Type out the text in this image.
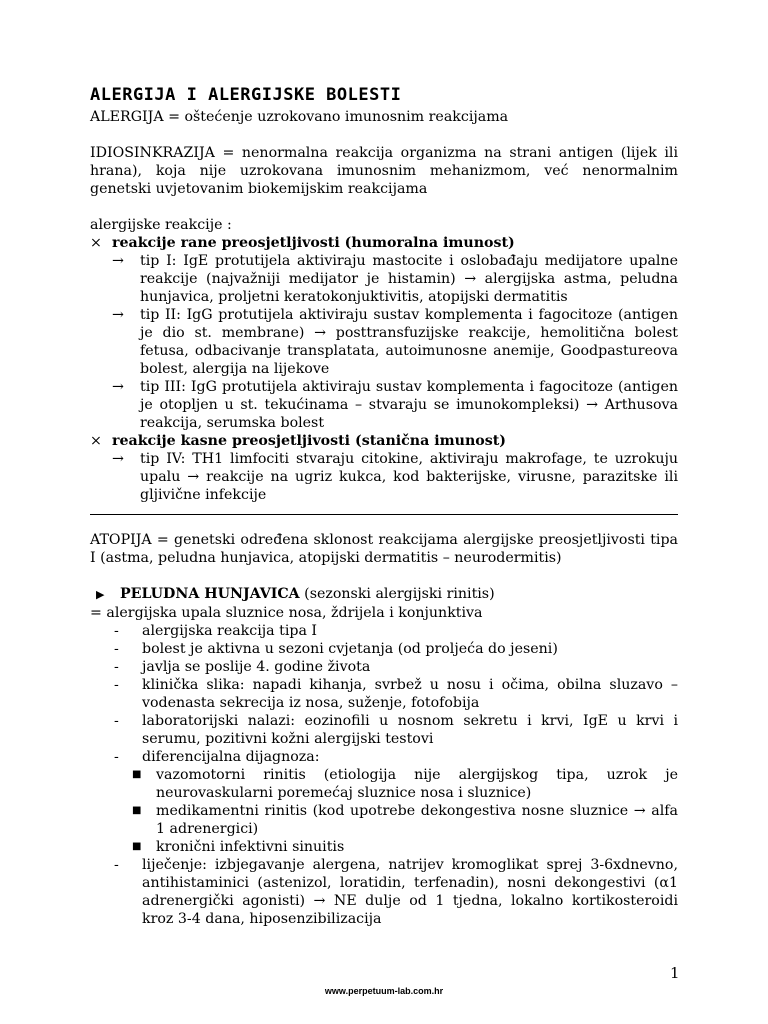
ALERGIJA I ALERGIJSKE BOLESTI

ALERGIJA = oštećenje uzrokovano imunosnim reakcijama

IDIOSINKRAZIJA = nenormalna reakcija organizma na strani antigen (lijek ili hrana), koja nije uzrokovana imunosnim mehanizmom, već nenormalnim genetski uvjetovanim biokemijskim reakcijama

alergijske reakcije :

× reakcije rane preosjetljivosti (humoralna imunost)
→	tip I: IgE protutijela aktiviraju mastocite i oslobađaju medijatore upalne reakcije (najvažniji medijator je histamin) → alergijska astma, peludna hunjavica, proljetni keratokonjuktivitis, atopijski dermatitis
→	tip II: IgG protutijela aktiviraju sustav komplementa i fagocitoze (antigen je dio st. membrane) → posttransfuzijske reakcije, hemolitična bolest fetusa, odbacivanje transplatata, autoimunosne anemije, Goodpastureova bolest, alergija na lijekove
→	tip III: IgG protutijela aktiviraju sustav komplementa i fagocitoze (antigen je otopljen u st. tekućinama – stvaraju se imunokompleksi) → Arthusova reakcija, serumska bolest
× reakcije kasne preosjetljivosti (stanična imunost)
→	tip IV: TH1 limfociti stvaraju citokine, aktiviraju makrofage, te uzrokuju upalu → reakcije na ugriz kukca, kod bakterijske, virusne, parazitske ili gljivične infekcije

ATOPIJA = genetski određena sklonost reakcijama alergijske preosjetljivosti tipa I (astma, peludna hunjavica, atopijski dermatitis – neurodermitis)

▶	PELUDNA HUNJAVICA (sezonski alergijski rinitis)

= alergijska upala sluznice nosa, ždrijela i konjunktiva

-	alergijska reakcija tipa I
-	bolest je aktivna u sezoni cvjetanja (od proljeća do jeseni)
-	javlja se poslije 4. godine života
-	klinička slika: napadi kihanja, svrbež u nosu i očima, obilna sluzavo – vodenasta sekrecija iz nosa, suženje, fotofobija
-	laboratorijski nalazi: eozinofili u nosnom sekretu i krvi, IgE u krvi i serumu, pozitivni kožni alergijski testovi
-	diferencijalna dijagnoza:
■	vazomotorni rinitis (etiologija nije alergijskog tipa, uzrok je neurovaskularni poremećaj sluznice nosa i sluznice)
■	medikamentni rinitis (kod upotrebe dekongestiva nosne sluznice → alfa 1 adrenergici)
■	kronični infektivni sinuitis
-	liječenje: izbjegavanje alergena, natrijev kromoglikat sprej 3-6xdnevno, antihistaminici (astenizol, loratidin, terfenadin), nosni dekongestivi (α1 adrenergički agonisti) → NE dulje od 1 tjedna, lokalno kortikosteroidi kroz 3-4 dana, hiposenzibilizacija
1
www.perpetuum-lab.com.hr
